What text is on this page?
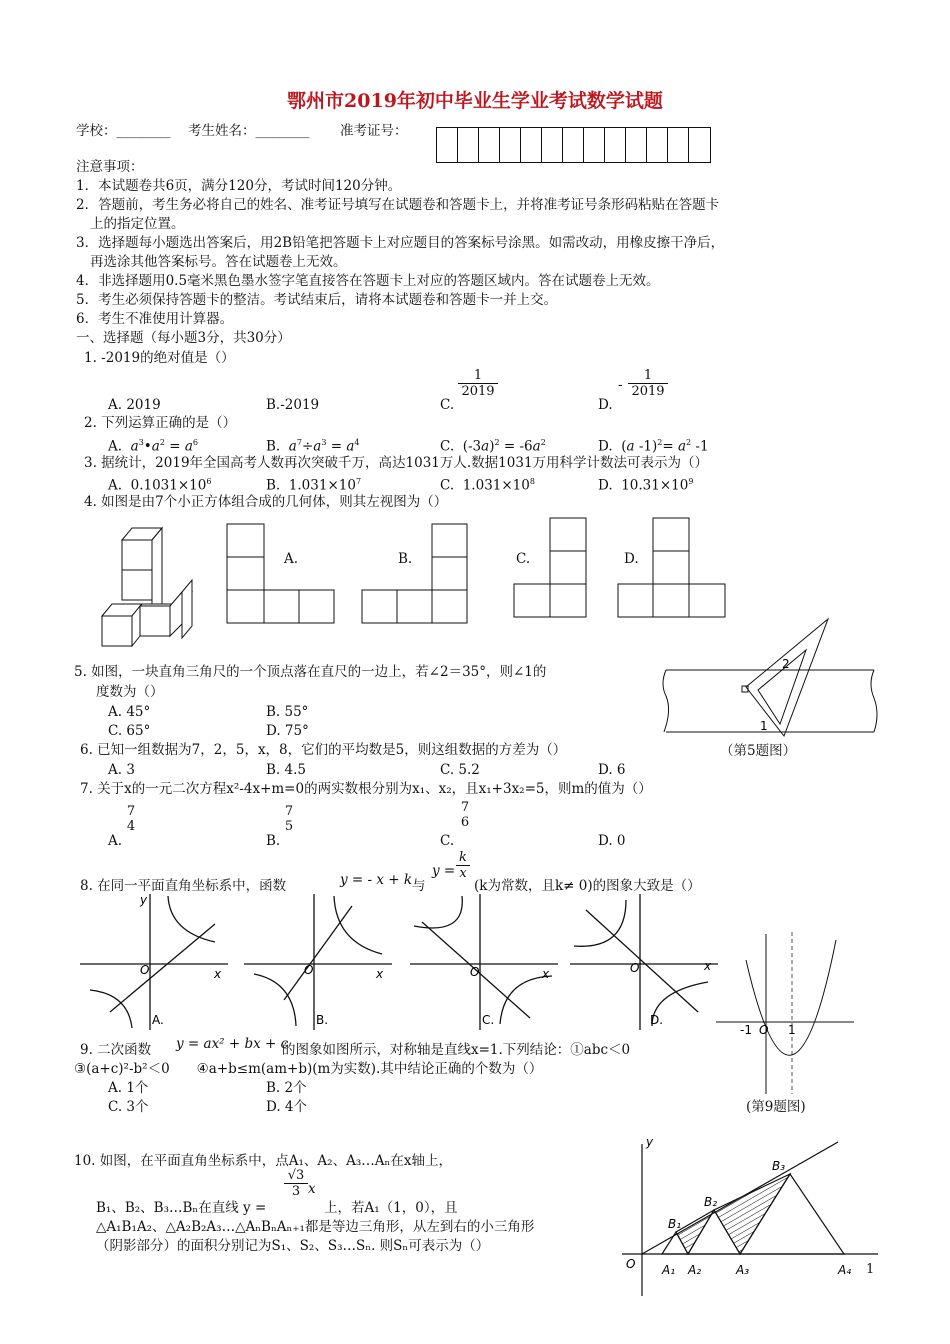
鄂州市2019年初中毕业生学业考试数学试题
学校：________ 考生姓名：________ 准考证号：
注意事项：
1．本试题卷共6页，满分120分，考试时间120分钟。
2．答题前，考生务必将自己的姓名、准考证号填写在试题卷和答题卡上，并将准考证号条形码粘贴在答题卡
上的指定位置。
3．选择题每小题选出答案后，用2B铅笔把答题卡上对应题目的答案标号涂黑。如需改动，用橡皮擦干净后，
再选涂其他答案标号。答在试题卷上无效。
4．非选择题用0.5毫米黑色墨水签字笔直接答在答题卡上对应的答题区域内。答在试题卷上无效。
5．考生必须保持答题卡的整洁。考试结束后，请将本试题卷和答题卡一并上交。
6．考生不准使用计算器。
一、选择题（每小题3分，共30分）
1. -2019的绝对值是（）
A. 2019	B.-2019	C.
$\frac{1}{2019}$
D.
- $\frac{1}{2019}$
2. 下列运算正确的是（）
A.  $a^3•a^2 = a^6$	B.  $a^7\div a^3 = a^4$	C.  $(-3a)^2 = -6a^2$	D.  (a $-1)^2= a^2$ -1
3. 据统计，2019年全国高考人数再次突破千万，高达1031万人.数据1031万用科学计数法可表示为（）
A.  $0.1031\times 10^6$	B.  $1.031\times 10^7$	C.  $1.031\times 10^8$	D.  $10.31\times 10^9$
4. 如图是由7个小正方体组合成的几何体，则其左视图为（）
A.	B.	C.	D.
5. 如图，一块直角三角尺的一个顶点落在直尺的一边上，若∠2＝35°，则∠1的
度数为（）
A. 45°	B. 55°
C. 65°	D. 75°
2
1
（第5题图）
6. 已知一组数据为7，2，5，x，8，它们的平均数是5，则这组数据的方差为（）
A. 3	B. 4.5	C. 5.2	D. 6
7. 关于x的一元二次方程x²-4x+m=0的两实数根分别为x₁、x₂，且x₁+3x₂=5，则m的值为（）
A.
7
4
B.
7
5
C.
7
6
D. 0
8. 在同一平面直角坐标系中，函数	y = - x + k 与
$y = \frac{k}{x}$
(k为常数，且k≠ 0)的图象大致是（）
O	x
y
A.
O	x
B.
O	x
C.
O	x
D.
-1 O 1
(第9题图)
9. 二次函数 y = ax² + bx + c
的图象如图所示，对称轴是直线x=1.下列结论：①abc＜0
③(a+c)²-b²＜0　　④a+b≤m(am+b)(m为实数).其中结论正确的个数为（）
A. 1个	B. 2个
C. 3个	D. 4个
10. 如图，在平面直角坐标系中，点A₁、A₂、A₃…Aₙ在x轴上，
B₁、B₂、B₃…Bₙ在直线 y =
$\frac{√3}{3}$ x
上，若A₁（1，0），且
△A₁B₁A₂、△A₂B₂A₃…△AₙBₙAₙ₊₁都是等边三角形，从左到右的小三角形
（阴影部分）的面积分别记为S₁、S₂、S₃…Sₙ. 则Sₙ可表示为（）
y
O A₁ A₂	A₃	A₄
B₁
B₂
B₃
1
